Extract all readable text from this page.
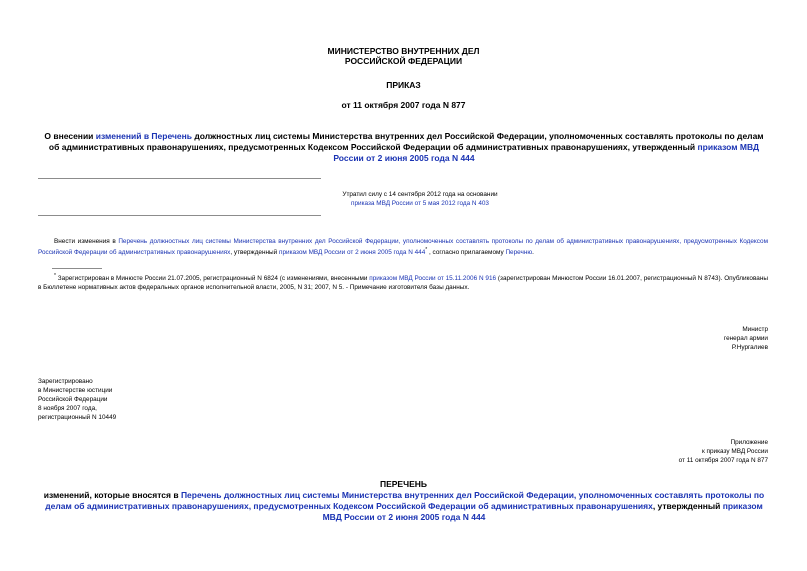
МИНИСТЕРСТВО ВНУТРЕННИХ ДЕЛ
РОССИЙСКОЙ ФЕДЕРАЦИИ
ПРИКАЗ
от 11 октября 2007 года N 877
О внесении изменений в Перечень должностных лиц системы Министерства внутренних дел Российской Федерации, уполномоченных составлять протоколы по делам об административных правонарушениях, предусмотренных Кодексом Российской Федерации об административных правонарушениях, утвержденный приказом МВД России от 2 июня 2005 года N 444
Утратил силу с 14 сентября 2012 года на основании
приказа МВД России от 5 мая 2012 года N 403
Внести изменения в Перечень должностных лиц системы Министерства внутренних дел Российской Федерации, уполномоченных составлять протоколы по делам об административных правонарушениях, предусмотренных Кодексом Российской Федерации об административных правонарушениях, утвержденный приказом МВД России от 2 июня 2005 года N 444* , согласно прилагаемому Перечню.
* Зарегистрирован в Минюсте России 21.07.2005, регистрационный N 6824 (с изменениями, внесенными приказом МВД России от 15.11.2006 N 916 (зарегистрирован Минюстом России 16.01.2007, регистрационный N 8743). Опубликованы в Бюллетене нормативных актов федеральных органов исполнительной власти, 2005, N 31; 2007, N 5. - Примечание изготовителя базы данных.
Министр
генерал армии
Р.Нургалиев
Зарегистрировано
в Министерстве юстиции
Российской Федерации
8 ноября 2007 года,
регистрационный N 10449
Приложение
к приказу МВД России
от 11 октября 2007 года N 877
ПЕРЕЧЕНЬ
изменений, которые вносятся в Перечень должностных лиц системы Министерства внутренних дел Российской Федерации, уполномоченных составлять протоколы по делам об административных правонарушениях, предусмотренных Кодексом Российской Федерации об административных правонарушениях, утвержденный приказом МВД России от 2 июня 2005 года N 444
